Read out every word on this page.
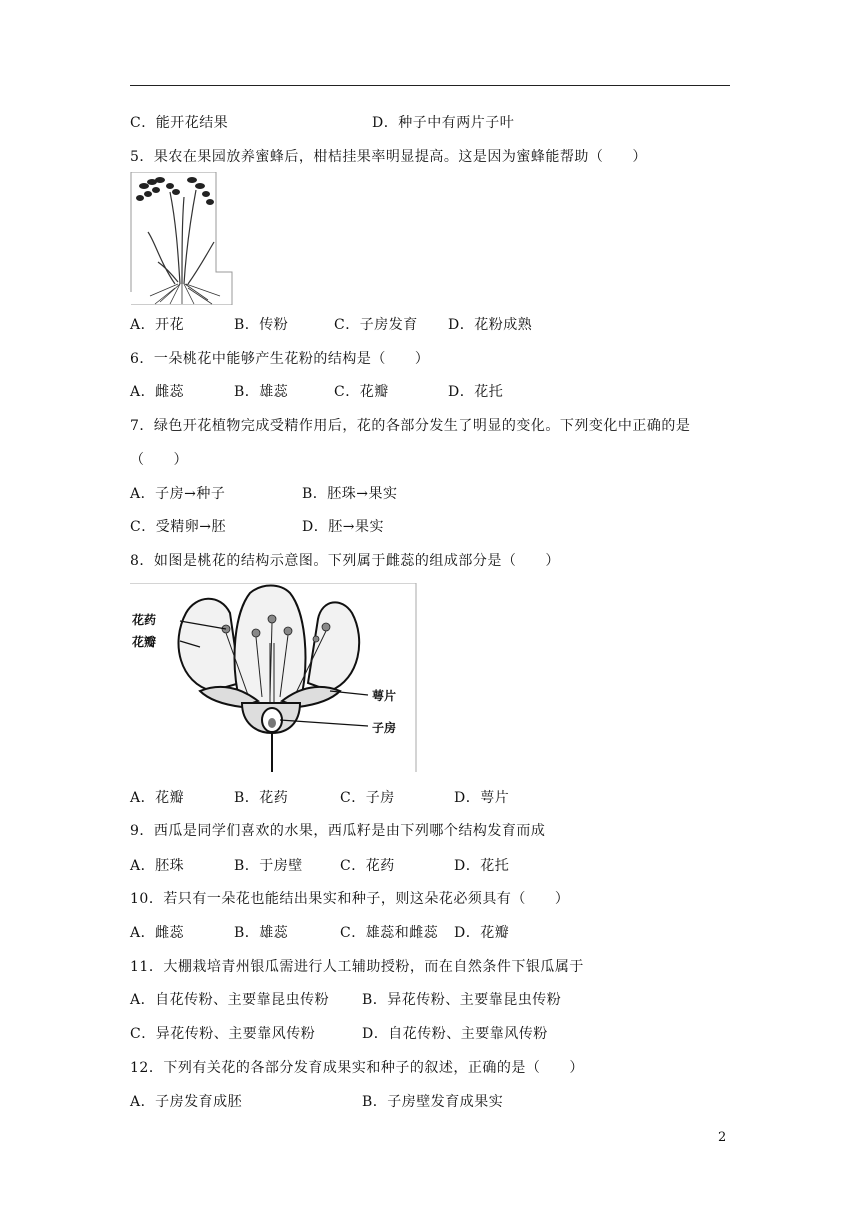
C．能开花结果	D．种子中有两片子叶
5．果农在果园放养蜜蜂后，柑桔挂果率明显提高。这是因为蜜蜂能帮助（　　）
A．开花	B．传粉	C．子房发育 D．花粉成熟
6．一朵桃花中能够产生花粉的结构是（　　）
A．雌蕊	B．雄蕊	C．花瓣	D．花托
7．绿色开花植物完成受精作用后，花的各部分发生了明显的变化。下列变化中正确的是
（　　）
A．子房→种子	B．胚珠→果实
C．受精卵→胚	D．胚→果实
8．如图是桃花的结构示意图。下列属于雌蕊的组成部分是（　　）
花药
花瓣
萼片
子房
A．花瓣	B．花药	C．子房	D．萼片
9．西瓜是同学们喜欢的水果，西瓜籽是由下列哪个结构发育而成
A．胚珠	B．于房壁	C．花药	D．花托
10．若只有一朵花也能结出果实和种子，则这朵花必须具有（　　）
A．雌蕊	B．雄蕊	C．雄蕊和雌蕊 D．花瓣
11．大棚栽培青州银瓜需进行人工辅助授粉，而在自然条件下银瓜属于
A．自花传粉、主要靠昆虫传粉 B．异花传粉、主要靠昆虫传粉
C．异花传粉、主要靠风传粉	D．自花传粉、主要靠风传粉
12．下列有关花的各部分发育成果实和种子的叙述，正确的是（　　）
A．子房发育成胚	B．子房壁发育成果实
2
